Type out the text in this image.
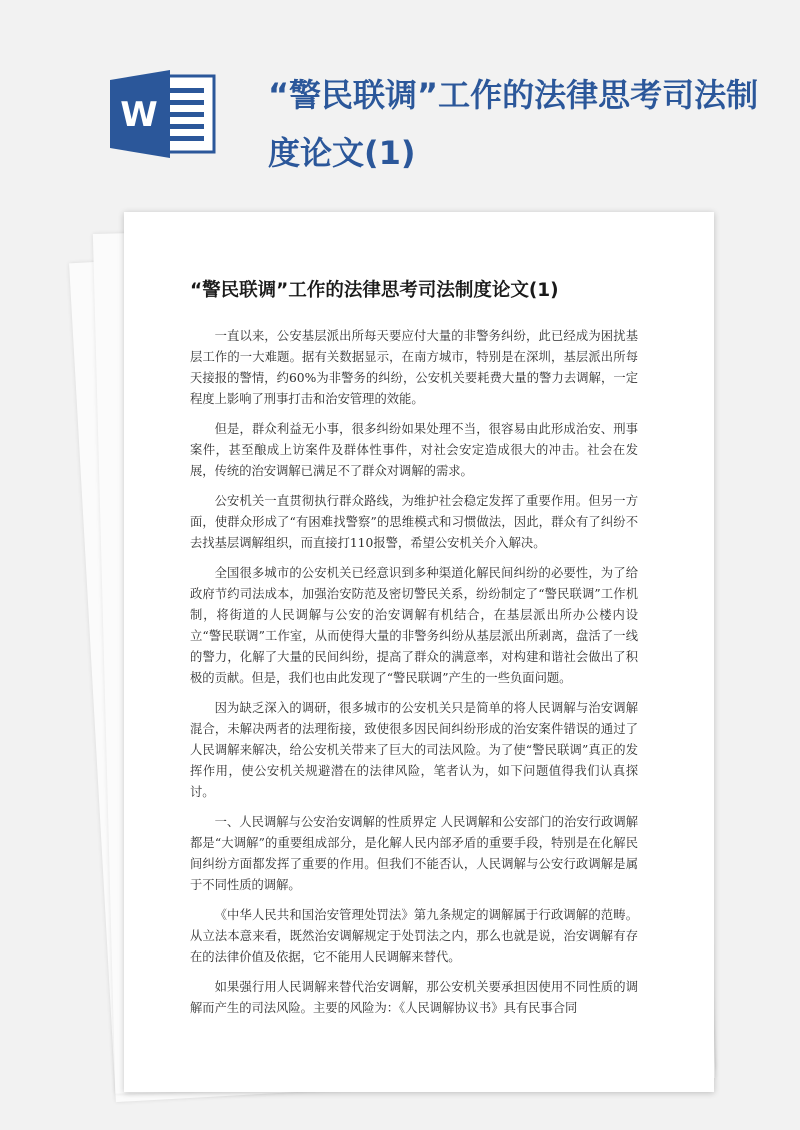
W	“警民联调”工作的法律思考司法制度论文(1)
“警民联调”工作的法律思考司法制度论文(1)

一直以来，公安基层派出所每天要应付大量的非警务纠纷，此已经成为困扰基层工作的一大难题。据有关数据显示，在南方城市，特别是在深圳，基层派出所每天接报的警情，约60%为非警务的纠纷，公安机关要耗费大量的警力去调解，一定程度上影响了刑事打击和治安管理的效能。

但是，群众利益无小事，很多纠纷如果处理不当，很容易由此形成治安、刑事案件，甚至酿成上访案件及群体性事件，对社会安定造成很大的冲击。社会在发展，传统的治安调解已满足不了群众对调解的需求。

公安机关一直贯彻执行群众路线，为维护社会稳定发挥了重要作用。但另一方面，使群众形成了“有困难找警察”的思维模式和习惯做法，因此，群众有了纠纷不去找基层调解组织，而直接打110报警，希望公安机关介入解决。

全国很多城市的公安机关已经意识到多种渠道化解民间纠纷的必要性，为了给政府节约司法成本，加强治安防范及密切警民关系，纷纷制定了“警民联调”工作机制，将街道的人民调解与公安的治安调解有机结合，在基层派出所办公楼内设立“警民联调”工作室，从而使得大量的非警务纠纷从基层派出所剥离，盘活了一线的警力，化解了大量的民间纠纷，提高了群众的满意率，对构建和谐社会做出了积极的贡献。但是，我们也由此发现了“警民联调”产生的一些负面问题。

因为缺乏深入的调研，很多城市的公安机关只是简单的将人民调解与治安调解混合，未解决两者的法理衔接，致使很多因民间纠纷形成的治安案件错误的通过了人民调解来解决，给公安机关带来了巨大的司法风险。为了使“警民联调”真正的发挥作用，使公安机关规避潜在的法律风险，笔者认为，如下问题值得我们认真探讨。

一、人民调解与公安治安调解的性质界定 人民调解和公安部门的治安行政调解都是“大调解”的重要组成部分，是化解人民内部矛盾的重要手段，特别是在化解民间纠纷方面都发挥了重要的作用。但我们不能否认，人民调解与公安行政调解是属于不同性质的调解。

《中华人民共和国治安管理处罚法》第九条规定的调解属于行政调解的范畴。从立法本意来看，既然治安调解规定于处罚法之内，那么也就是说，治安调解有存在的法律价值及依据，它不能用人民调解来替代。

如果强行用人民调解来替代治安调解，那公安机关要承担因使用不同性质的调解而产生的司法风险。主要的风险为：《人民调解协议书》具有民事合同
